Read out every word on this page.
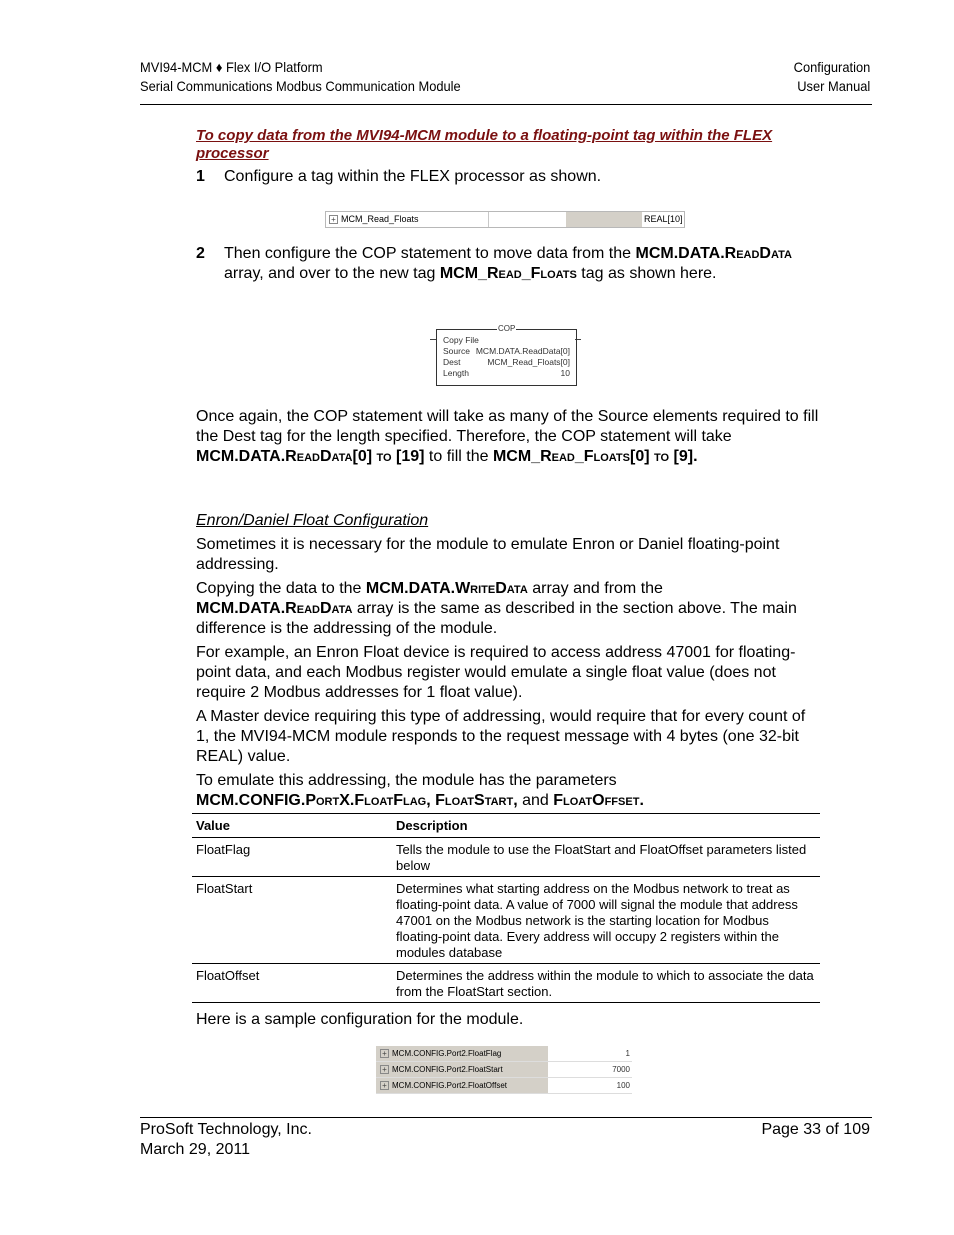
MVI94-MCM ♦ Flex I/O Platform
Serial Communications Modbus Communication Module
Configuration
User Manual
To copy data from the MVI94-MCM module to a floating-point tag within the FLEX processor
1 Configure a tag within the FLEX processor as shown.
+ MCM_Read_Floats	REAL[10]
2 Then configure the COP statement to move data from the MCM.DATA.ReadData array, and over to the new tag MCM_Read_Floats tag as shown here.
COP
Copy File
Source MCM.DATA.ReadData[0]
Dest	MCM_Read_Floats[0]
Length	10
Once again, the COP statement will take as many of the Source elements required to fill the Dest tag for the length specified. Therefore, the COP statement will take MCM.DATA.ReadData[0] to [19] to fill the MCM_Read_Floats[0] to [9].
Enron/Daniel Float Configuration
Sometimes it is necessary for the module to emulate Enron or Daniel floating-point addressing.
Copying the data to the MCM.DATA.WriteData array and from the MCM.DATA.ReadData array is the same as described in the section above. The main difference is the addressing of the module.
For example, an Enron Float device is required to access address 47001 for floating-point data, and each Modbus register would emulate a single float value (does not require 2 Modbus addresses for 1 float value).
A Master device requiring this type of addressing, would require that for every count of 1, the MVI94-MCM module responds to the request message with 4 bytes (one 32-bit REAL) value.
To emulate this addressing, the module has the parameters MCM.CONFIG.PortX.FloatFlag, FloatStart, and FloatOffset.
Value	Description
FloatFlag	Tells the module to use the FloatStart and FloatOffset parameters listed below
FloatStart	Determines what starting address on the Modbus network to treat as floating-point data. A value of 7000 will signal the module that address 47001 on the Modbus network is the starting location for Modbus floating-point data. Every address will occupy 2 registers within the modules database
FloatOffset	Determines the address within the module to which to associate the data from the FloatStart section.
Here is a sample configuration for the module.
+ MCM.CONFIG.Port2.FloatFlag	1
+ MCM.CONFIG.Port2.FloatStart	7000
+ MCM.CONFIG.Port2.FloatOffset	100
ProSoft Technology, Inc.
March 29, 2011
Page 33 of 109
